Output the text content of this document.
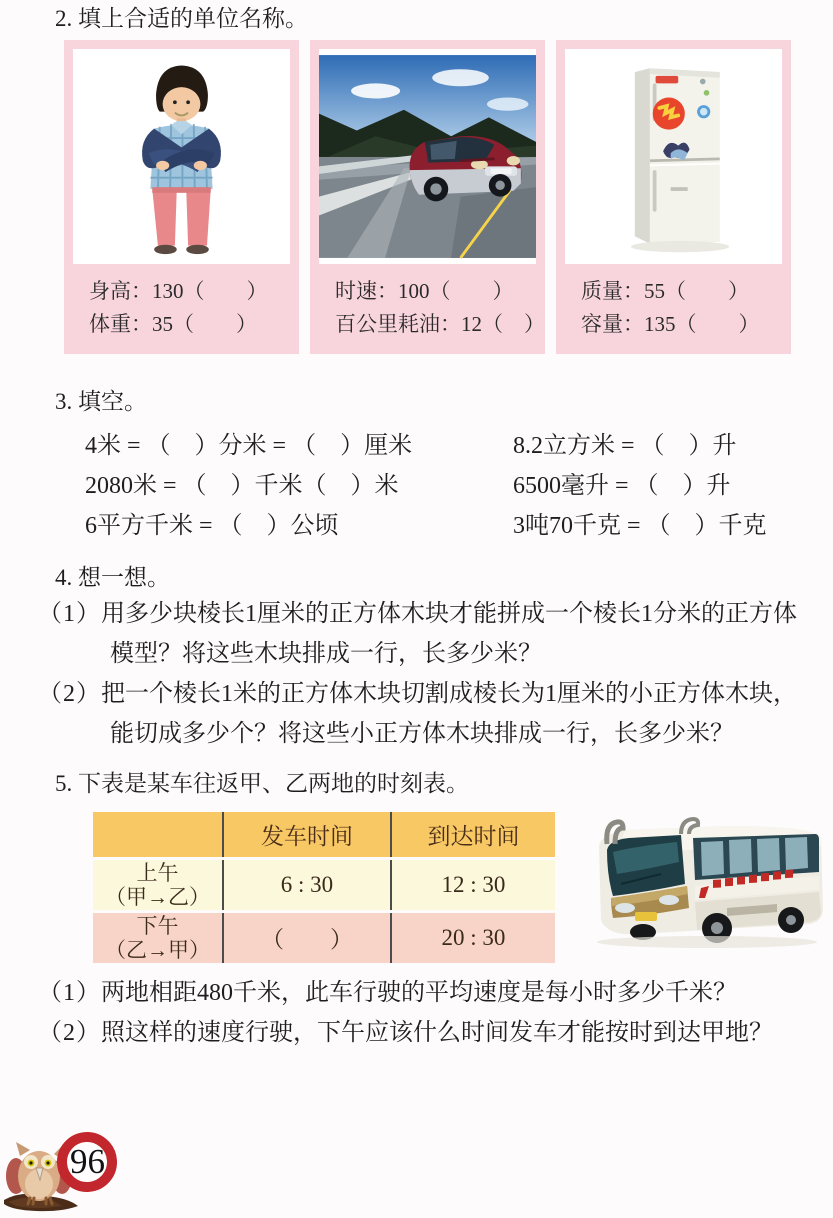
2. 填上合适的单位名称。
身高：130（　　）
体重：35（　　）
时速：100（　　）
百公里耗油：12（　）
质量：55（　　）
容量：135（　　）
3. 填空。
4米 = （　）分米 = （　）厘米
2080米 = （　）千米（　）米
6平方千米 = （　）公顷
8.2立方米 = （　）升
6500毫升 = （　）升
3吨70千克 = （　）千克
4. 想一想。
（1）用多少块棱长1厘米的正方体木块才能拼成一个棱长1分米的正方体模型？将这些木块排成一行，长多少米？
（2）把一个棱长1米的正方体木块切割成棱长为1厘米的小正方体木块，能切成多少个？将这些小正方体木块排成一行，长多少米？
5. 下表是某车往返甲、乙两地的时刻表。
	发车时间	到达时间

上午
（甲→乙）	6 : 30	12 : 30

下午
（乙→甲）	（　　）	20 : 30
（1）两地相距480千米，此车行驶的平均速度是每小时多少千米？
（2）照这样的速度行驶，下午应该什么时间发车才能按时到达甲地？
96
